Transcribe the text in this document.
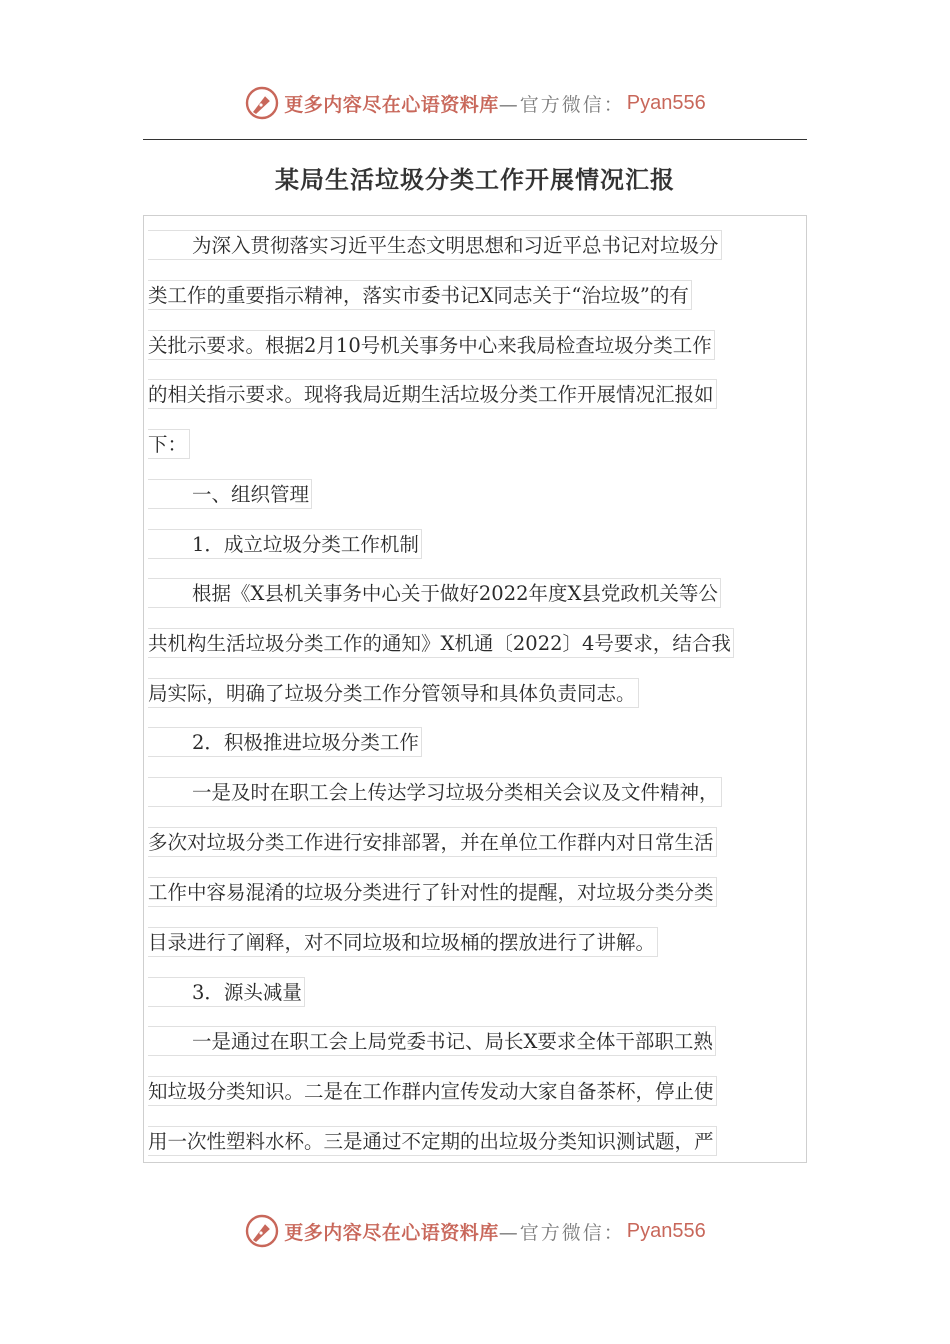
更多内容尽在心语资料库 —官方微信： Pyan556
某局生活垃圾分类工作开展情况汇报
为深入贯彻落实习近平生态文明思想和习近平总书记对垃圾分
类工作的重要指示精神，落实市委书记X同志关于“治垃圾”的有
关批示要求。根据2月10号机关事务中心来我局检查垃圾分类工作
的相关指示要求。现将我局近期生活垃圾分类工作开展情况汇报如
下：
一、组织管理
1．成立垃圾分类工作机制
根据《X县机关事务中心关于做好2022年度X县党政机关等公
共机构生活垃圾分类工作的通知》X机通〔2022〕4号要求，结合我
局实际，明确了垃圾分类工作分管领导和具体负责同志。
2．积极推进垃圾分类工作
一是及时在职工会上传达学习垃圾分类相关会议及文件精神，
多次对垃圾分类工作进行安排部署，并在单位工作群内对日常生活
工作中容易混淆的垃圾分类进行了针对性的提醒，对垃圾分类分类
目录进行了阐释，对不同垃圾和垃圾桶的摆放进行了讲解。
3．源头减量
一是通过在职工会上局党委书记、局长X要求全体干部职工熟
知垃圾分类知识。二是在工作群内宣传发动大家自备茶杯，停止使
用一次性塑料水杯。三是通过不定期的出垃圾分类知识测试题，严
更多内容尽在心语资料库 —官方微信： Pyan556
